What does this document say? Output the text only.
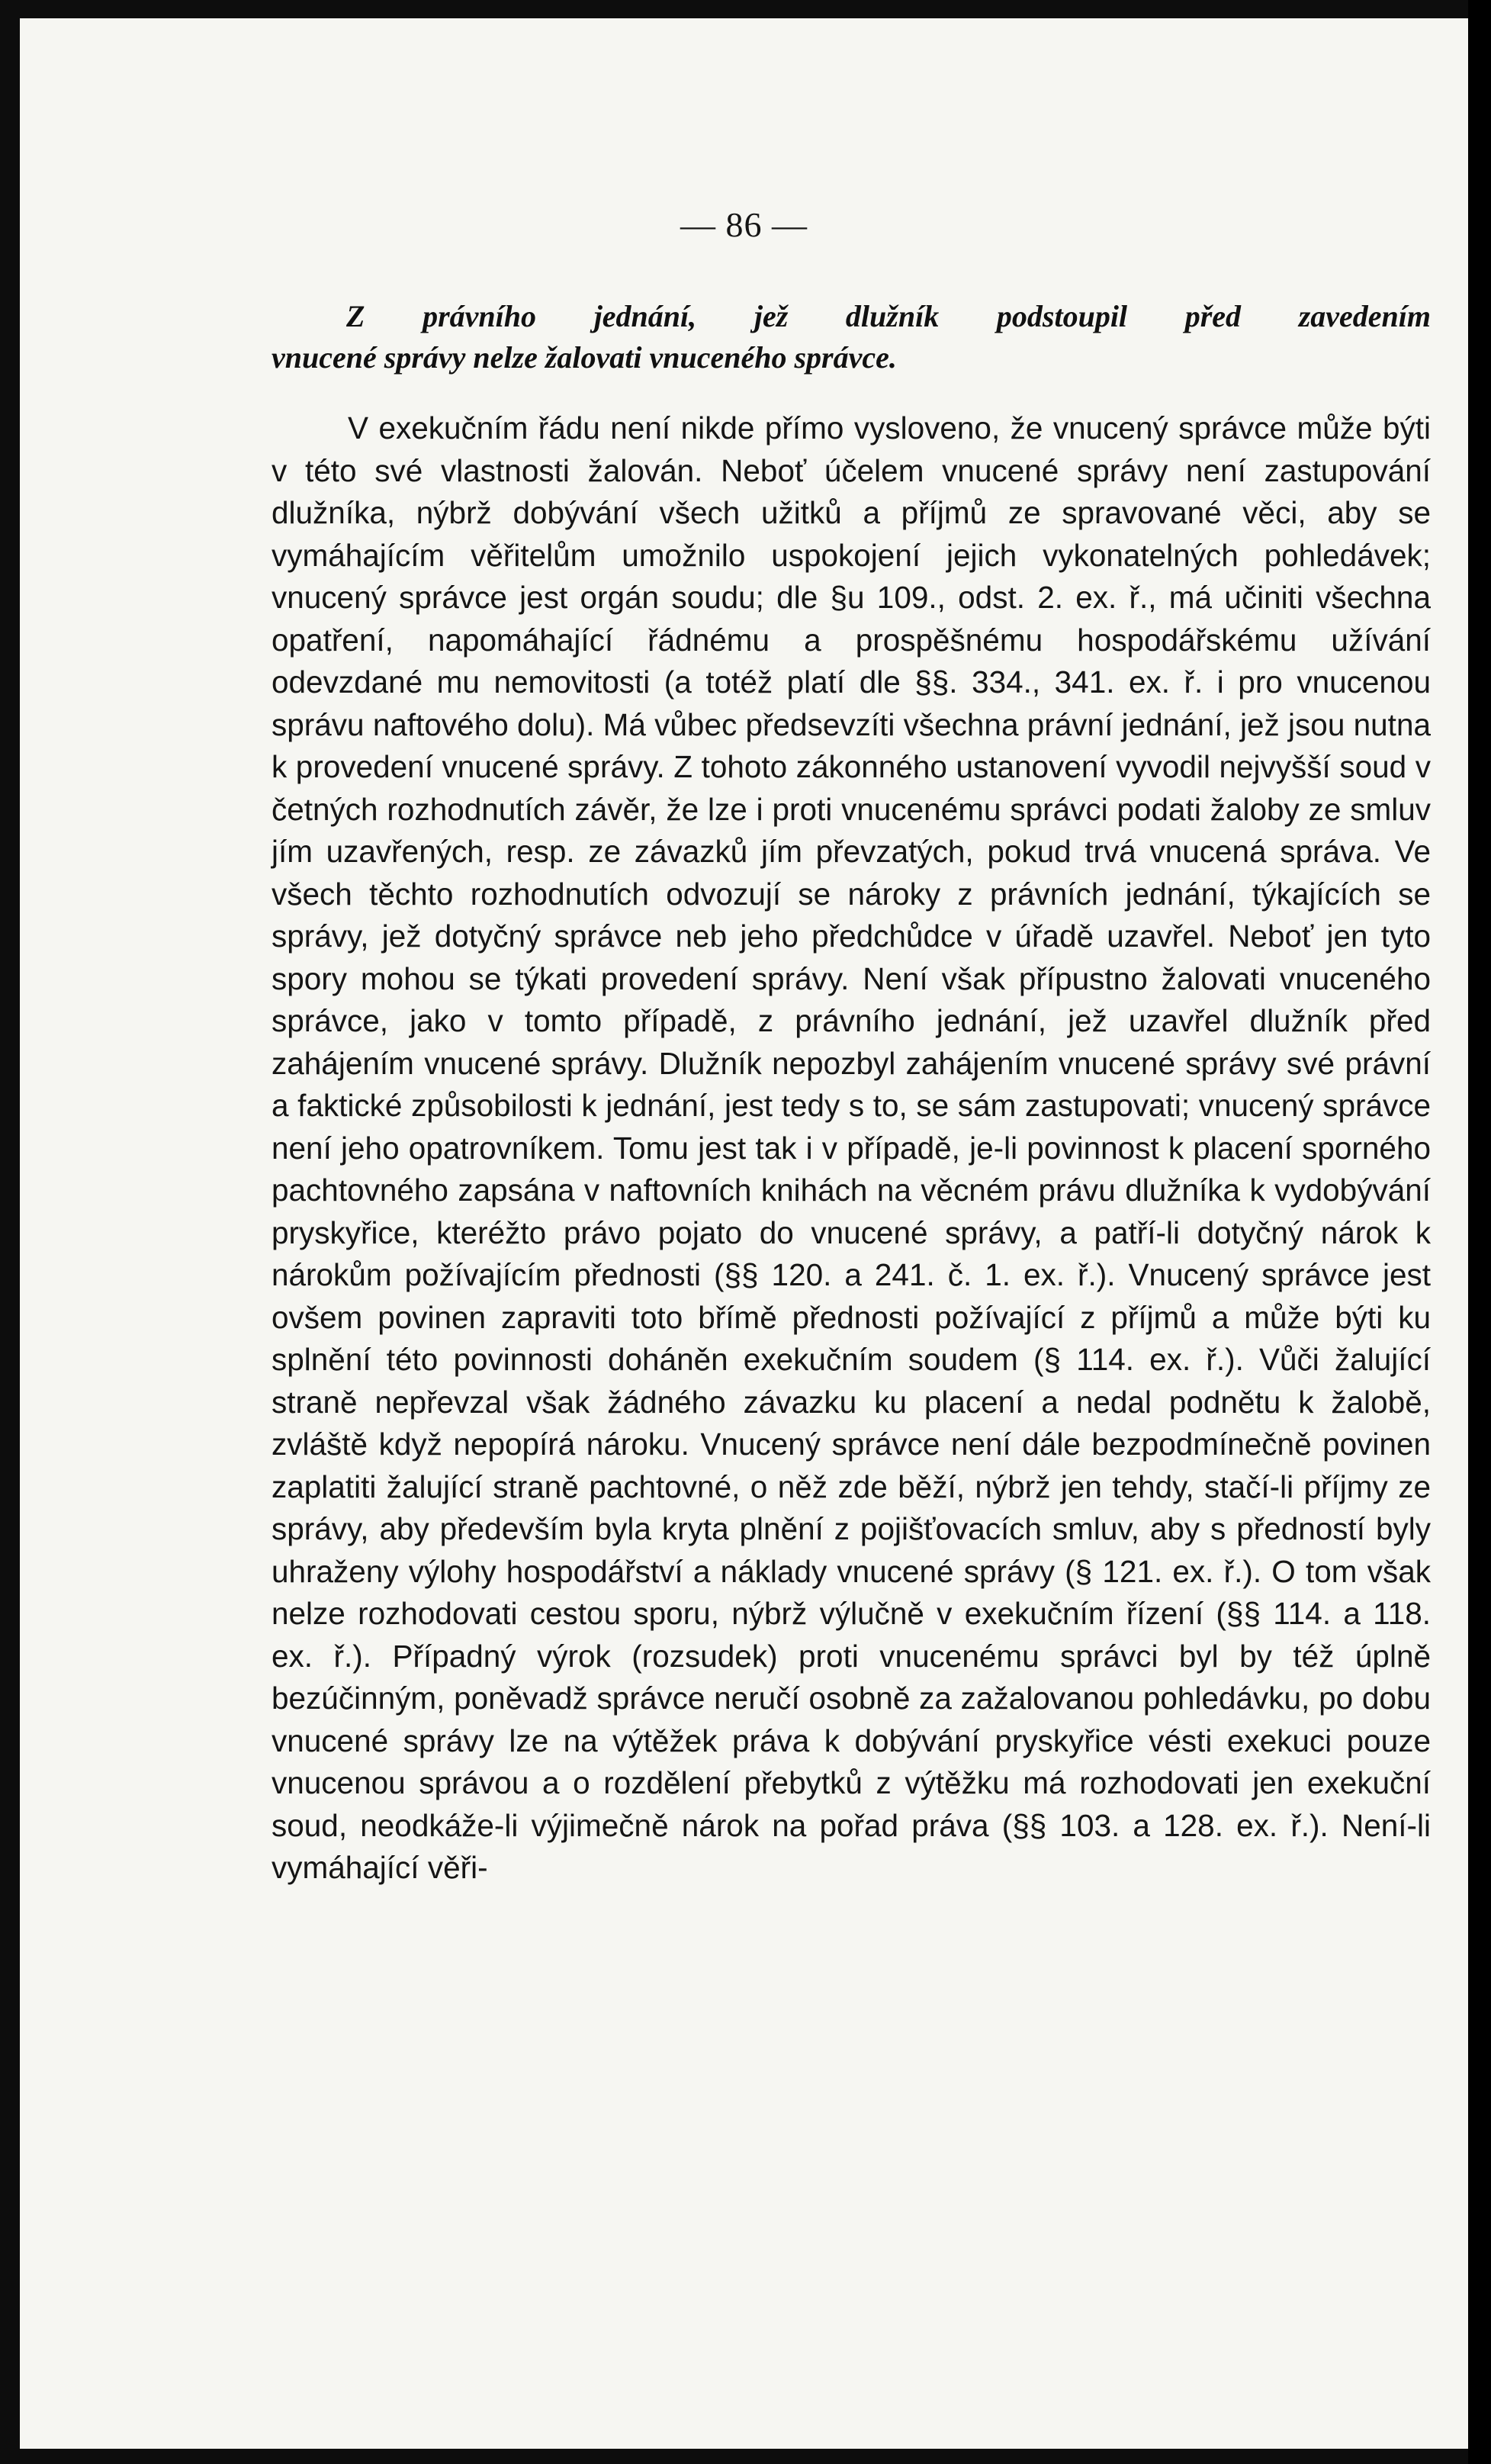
— 86 —
Z právního jednání, jež dlužník podstoupil před zavedením
vnucené správy nelze žalovati vnuceného správce.
V exekučním řádu není nikde přímo vysloveno, že vnucený správce může býti v této své vlastnosti žalován. Neboť účelem vnucené správy není zastupování dlužníka, nýbrž dobývání všech užitků a příjmů ze spravované věci, aby se vymáhajícím věřitelům umožnilo uspokojení jejich vykonatelných pohledávek; vnucený správce jest orgán soudu; dle §u 109., odst. 2. ex. ř., má učiniti všechna opatření, napomáhající řádnému a prospěšnému hospodářskému užívání odevzdané mu nemovitosti (a totéž platí dle §§. 334., 341. ex. ř. i pro vnucenou správu naftového dolu). Má vůbec předsevzíti všechna právní jednání, jež jsou nutna k provedení vnucené správy. Z tohoto zákonného ustanovení vyvodil nejvyšší soud v četných rozhodnutích závěr, že lze i proti vnucenému správci podati žaloby ze smluv jím uzavřených, resp. ze závazků jím převzatých, pokud trvá vnucená správa. Ve všech těchto rozhodnutích odvozují se nároky z právních jednání, týkajících se správy, jež dotyčný správce neb jeho předchůdce v úřadě uzavřel. Neboť jen tyto spory mohou se týkati provedení správy. Není však přípustno žalovati vnuceného správce, jako v tomto případě, z právního jednání, jež uzavřel dlužník před zahájením vnucené správy. Dlužník nepozbyl zahájením vnucené správy své právní a faktické způsobilosti k jednání, jest tedy s to, se sám zastupovati; vnucený správce není jeho opatrovníkem. Tomu jest tak i v případě, je-li povinnost k placení sporného pachtovného zapsána v naftovních knihách na věcném právu dlužníka k vydobývání pryskyřice, kteréžto právo pojato do vnucené správy, a patří-li dotyčný nárok k nárokům požívajícím přednosti (§§ 120. a 241. č. 1. ex. ř.). Vnucený správce jest ovšem povinen zapraviti toto břímě přednosti požívající z příjmů a může býti ku splnění této povinnosti doháněn exekučním soudem (§ 114. ex. ř.). Vůči žalující straně nepřevzal však žádného závazku ku placení a nedal podnětu k žalobě, zvláště když nepopírá nároku. Vnucený správce není dále bezpodmínečně povinen zaplatiti žalující straně pachtovné, o něž zde běží, nýbrž jen tehdy, stačí-li příjmy ze správy, aby především byla kryta plnění z pojišťovacích smluv, aby s předností byly uhraženy výlohy hospodářství a náklady vnucené správy (§ 121. ex. ř.). O tom však nelze rozhodovati cestou sporu, nýbrž výlučně v exekučním řízení (§§ 114. a 118. ex. ř.). Případný výrok (rozsudek) proti vnucenému správci byl by též úplně bezúčinným, poněvadž správce neručí osobně za zažalovanou pohledávku, po dobu vnucené správy lze na výtěžek práva k dobývání pryskyřice vésti exekuci pouze vnucenou správou a o rozdělení přebytků z výtěžku má rozhodovati jen exekuční soud, neodkáže-li výjimečně nárok na pořad práva (§§ 103. a 128. ex. ř.). Není-li vymáhající věři-
